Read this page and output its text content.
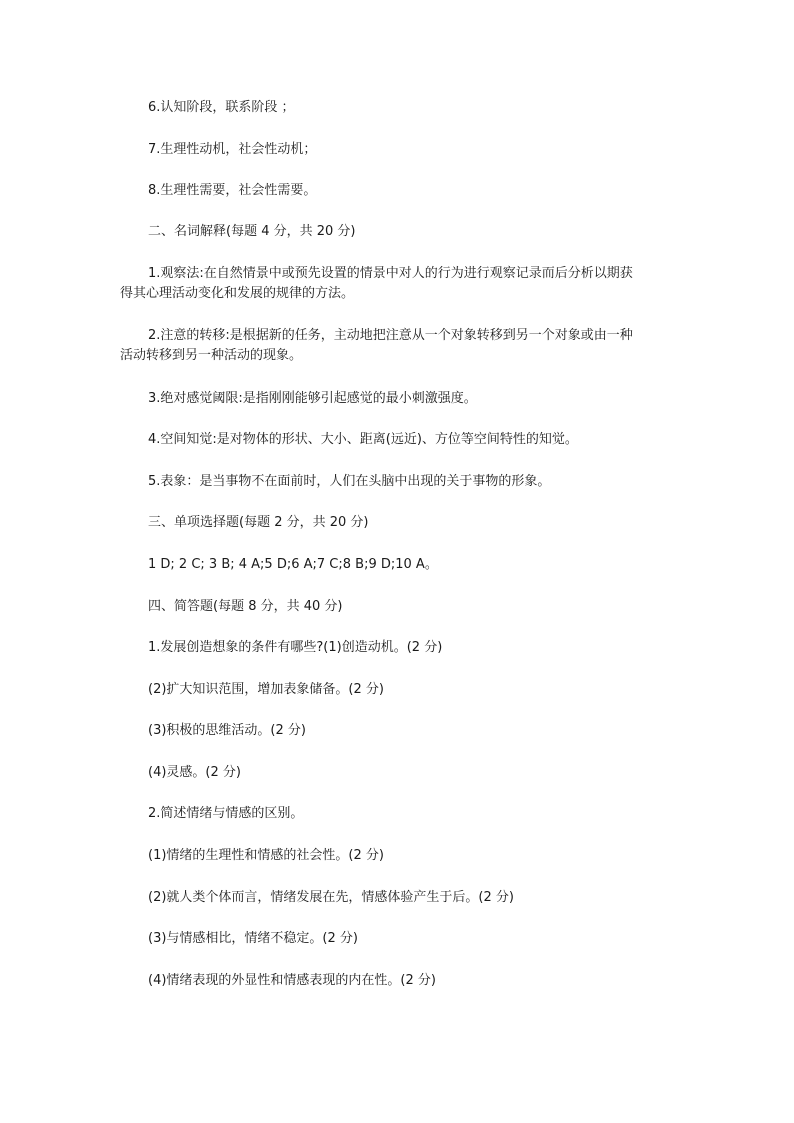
6.认知阶段，联系阶段 ；
7.生理性动机，社会性动机；
8.生理性需要，社会性需要。
二、名词解释(每题 4 分，共 20 分)
1.观察法:在自然情景中或预先设置的情景中对人的行为进行观察记录而后分析以期获
得其心理活动变化和发展的规律的方法。
2.注意的转移:是根据新的任务，主动地把注意从一个对象转移到另一个对象或由一种
活动转移到另一种活动的现象。
3.绝对感觉阈限:是指刚刚能够引起感觉的最小刺激强度。
4.空间知觉:是对物体的形状、大小、距离(远近)、方位等空间特性的知觉。
5.表象：是当事物不在面前时，人们在头脑中出现的关于事物的形象。
三、单项选择题(每题 2 分，共 20 分)
1 D; 2 C; 3 B; 4 A;5 D;6 A;7 C;8 B;9 D;10 A。
四、简答题(每题 8 分，共 40 分)
1.发展创造想象的条件有哪些?(1)创造动机。(2 分)
(2)扩大知识范围，增加表象储备。(2 分)
(3)积极的思维活动。(2 分)
(4)灵感。(2 分)
2.简述情绪与情感的区别。
(1)情绪的生理性和情感的社会性。(2 分)
(2)就人类个体而言，情绪发展在先，情感体验产生于后。(2 分)
(3)与情感相比，情绪不稳定。(2 分)
(4)情绪表现的外显性和情感表现的内在性。(2 分)
